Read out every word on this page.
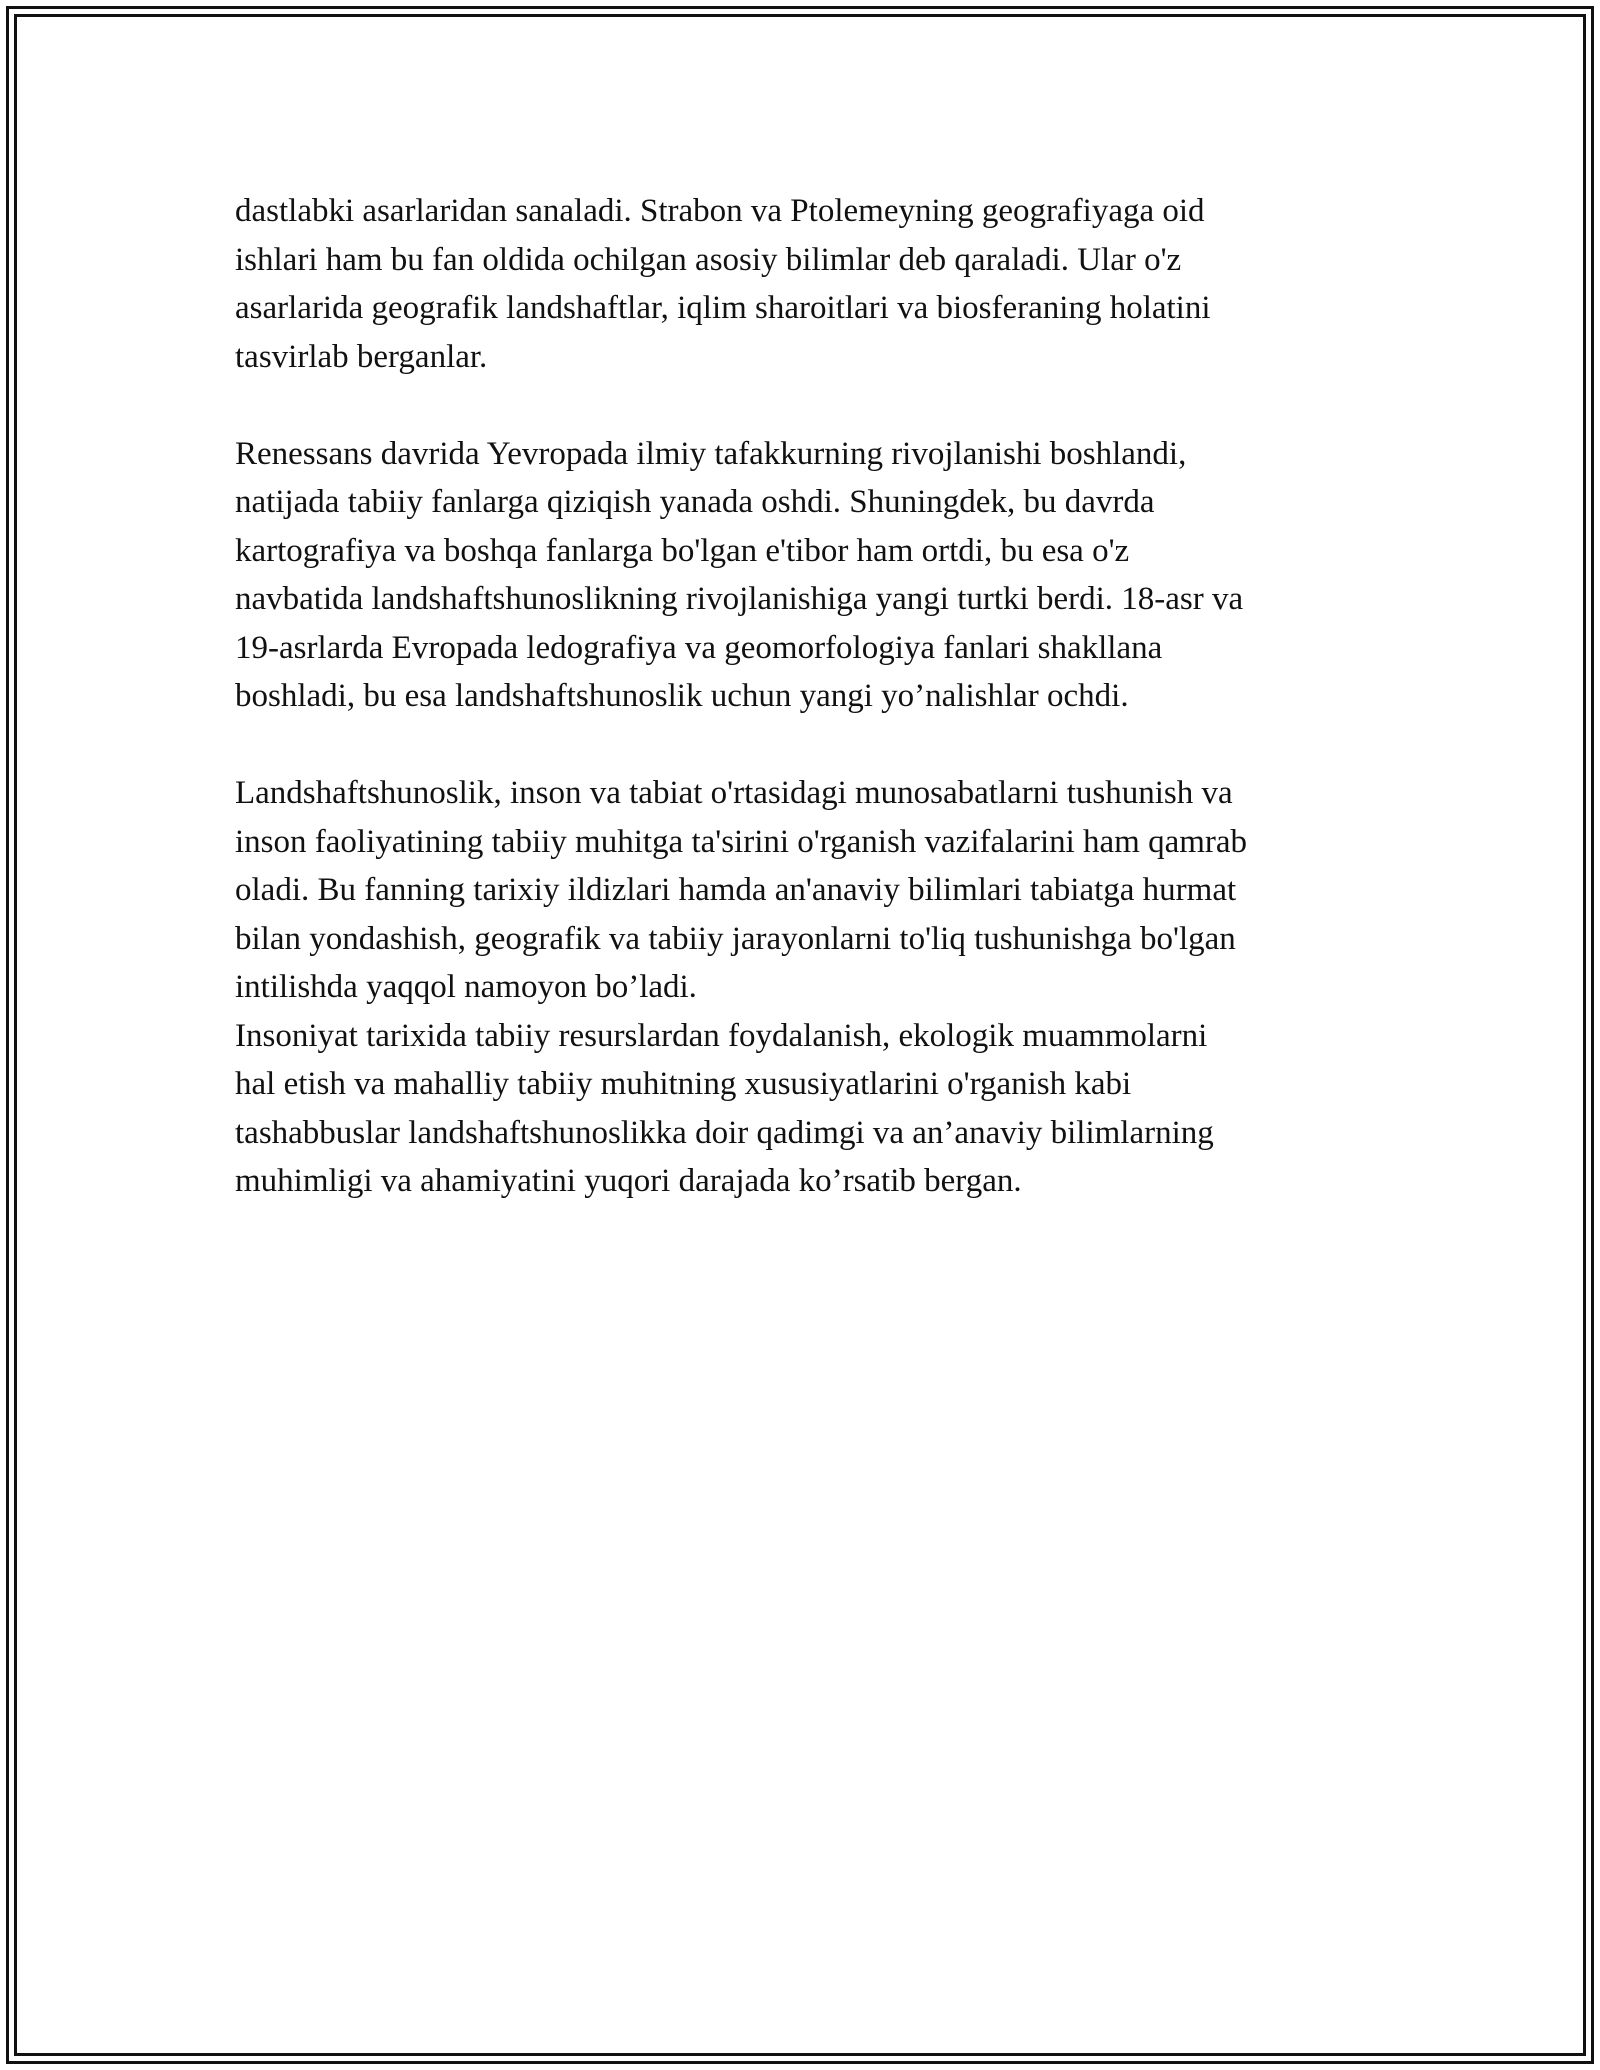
dastlabki asarlaridan sanaladi. Strabon va Ptolemeyning geografiyaga oid
ishlari ham bu fan oldida ochilgan asosiy bilimlar deb qaraladi. Ular o'z
asarlarida geografik landshaftlar, iqlim sharoitlari va biosferaning holatini
tasvirlab berganlar.

Renessans davrida Yevropada ilmiy tafakkurning rivojlanishi boshlandi,
natijada tabiiy fanlarga qiziqish yanada oshdi. Shuningdek, bu davrda
kartografiya va boshqa fanlarga bo'lgan e'tibor ham ortdi, bu esa o'z
navbatida landshaftshunoslikning rivojlanishiga yangi turtki berdi. 18-asr va
19-asrlarda Evropada ledografiya va geomorfologiya fanlari shakllana
boshladi, bu esa landshaftshunoslik uchun yangi yo’nalishlar ochdi.

Landshaftshunoslik, inson va tabiat o'rtasidagi munosabatlarni tushunish va
inson faoliyatining tabiiy muhitga ta'sirini o'rganish vazifalarini ham qamrab
oladi. Bu fanning tarixiy ildizlari hamda an'anaviy bilimlari tabiatga hurmat
bilan yondashish, geografik va tabiiy jarayonlarni to'liq tushunishga bo'lgan
intilishda yaqqol namoyon bo’ladi.

Insoniyat tarixida tabiiy resurslardan foydalanish, ekologik muammolarni
hal etish va mahalliy tabiiy muhitning xususiyatlarini o'rganish kabi
tashabbuslar landshaftshunoslikka doir qadimgi va an’anaviy bilimlarning
muhimligi va ahamiyatini yuqori darajada ko’rsatib bergan.
